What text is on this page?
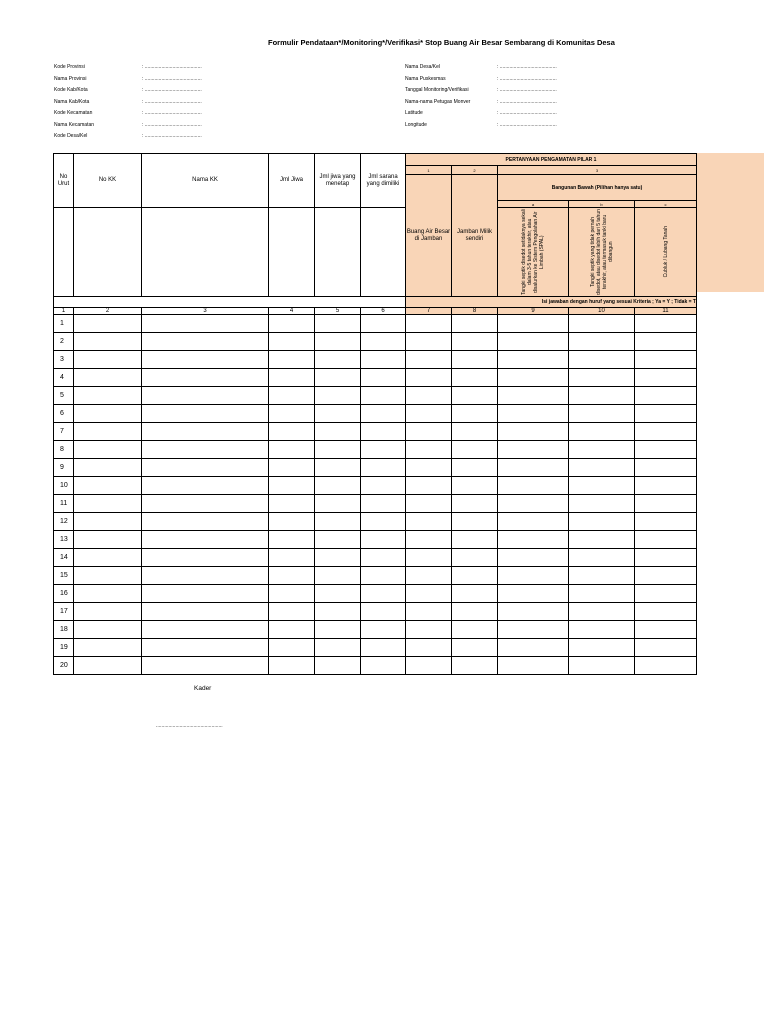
Formulir Pendataan*/Monitoring*/Verifikasi* Stop Buang Air Besar Sembarang di Komunitas Desa
Kode Provinsi	: .........................................
Nama Provinsi	: .........................................
Kode Kab/Kota	: .........................................
Nama Kab/Kota	: .........................................
Kode Kecamatan	: .........................................
Nama Kecamatan	: .........................................
Kode Desa/Kel	: .........................................
Nama Desa/Kel	: .........................................
Nama Puskesmas	: .........................................
Tanggal Monitoring/Verifikasi	: .........................................
Nama-nama Petugas Monver	: .........................................
Latitude	: .........................................
Longitude	: .........................................
No Urut	No KK	Nama KK	Jml Jiwa	Jml jiwa yang menetap	Jml sarana yang dimiliki	PERTANYAAN PENGAMATAN PILAR 1				
						1	2	3		
						Buang Air Besar di Jamban	Jamban Milik sendiri	Bangunan Bawah (Pilihan hanya satu)		
								a	b	c

								Tangki septik disedot setidaknya sekali dalam 3-5 tahun terakhir, atau disalurkan ke Sistem Pengolahan Air Limbah (SPAL)	Tangki septik yang tidak pernah disedot, atau disedot lebih dari 5 tahun terakhir, atau termasuk tanki baru dibangun	Cubluk / Lubang Tanah

						Isi jawaban dengan huruf yang sesuai Kriteria ; Ya = Y ; Tidak = T				
1	2	3	4	5	6	7	8	9	10	11
1										
2										
3										
4										
5										
6										
7										
8										
9										
10										
11										
12										
13										
14										
15										
16										
17										
18										
19										
20										
Kader
................................................
